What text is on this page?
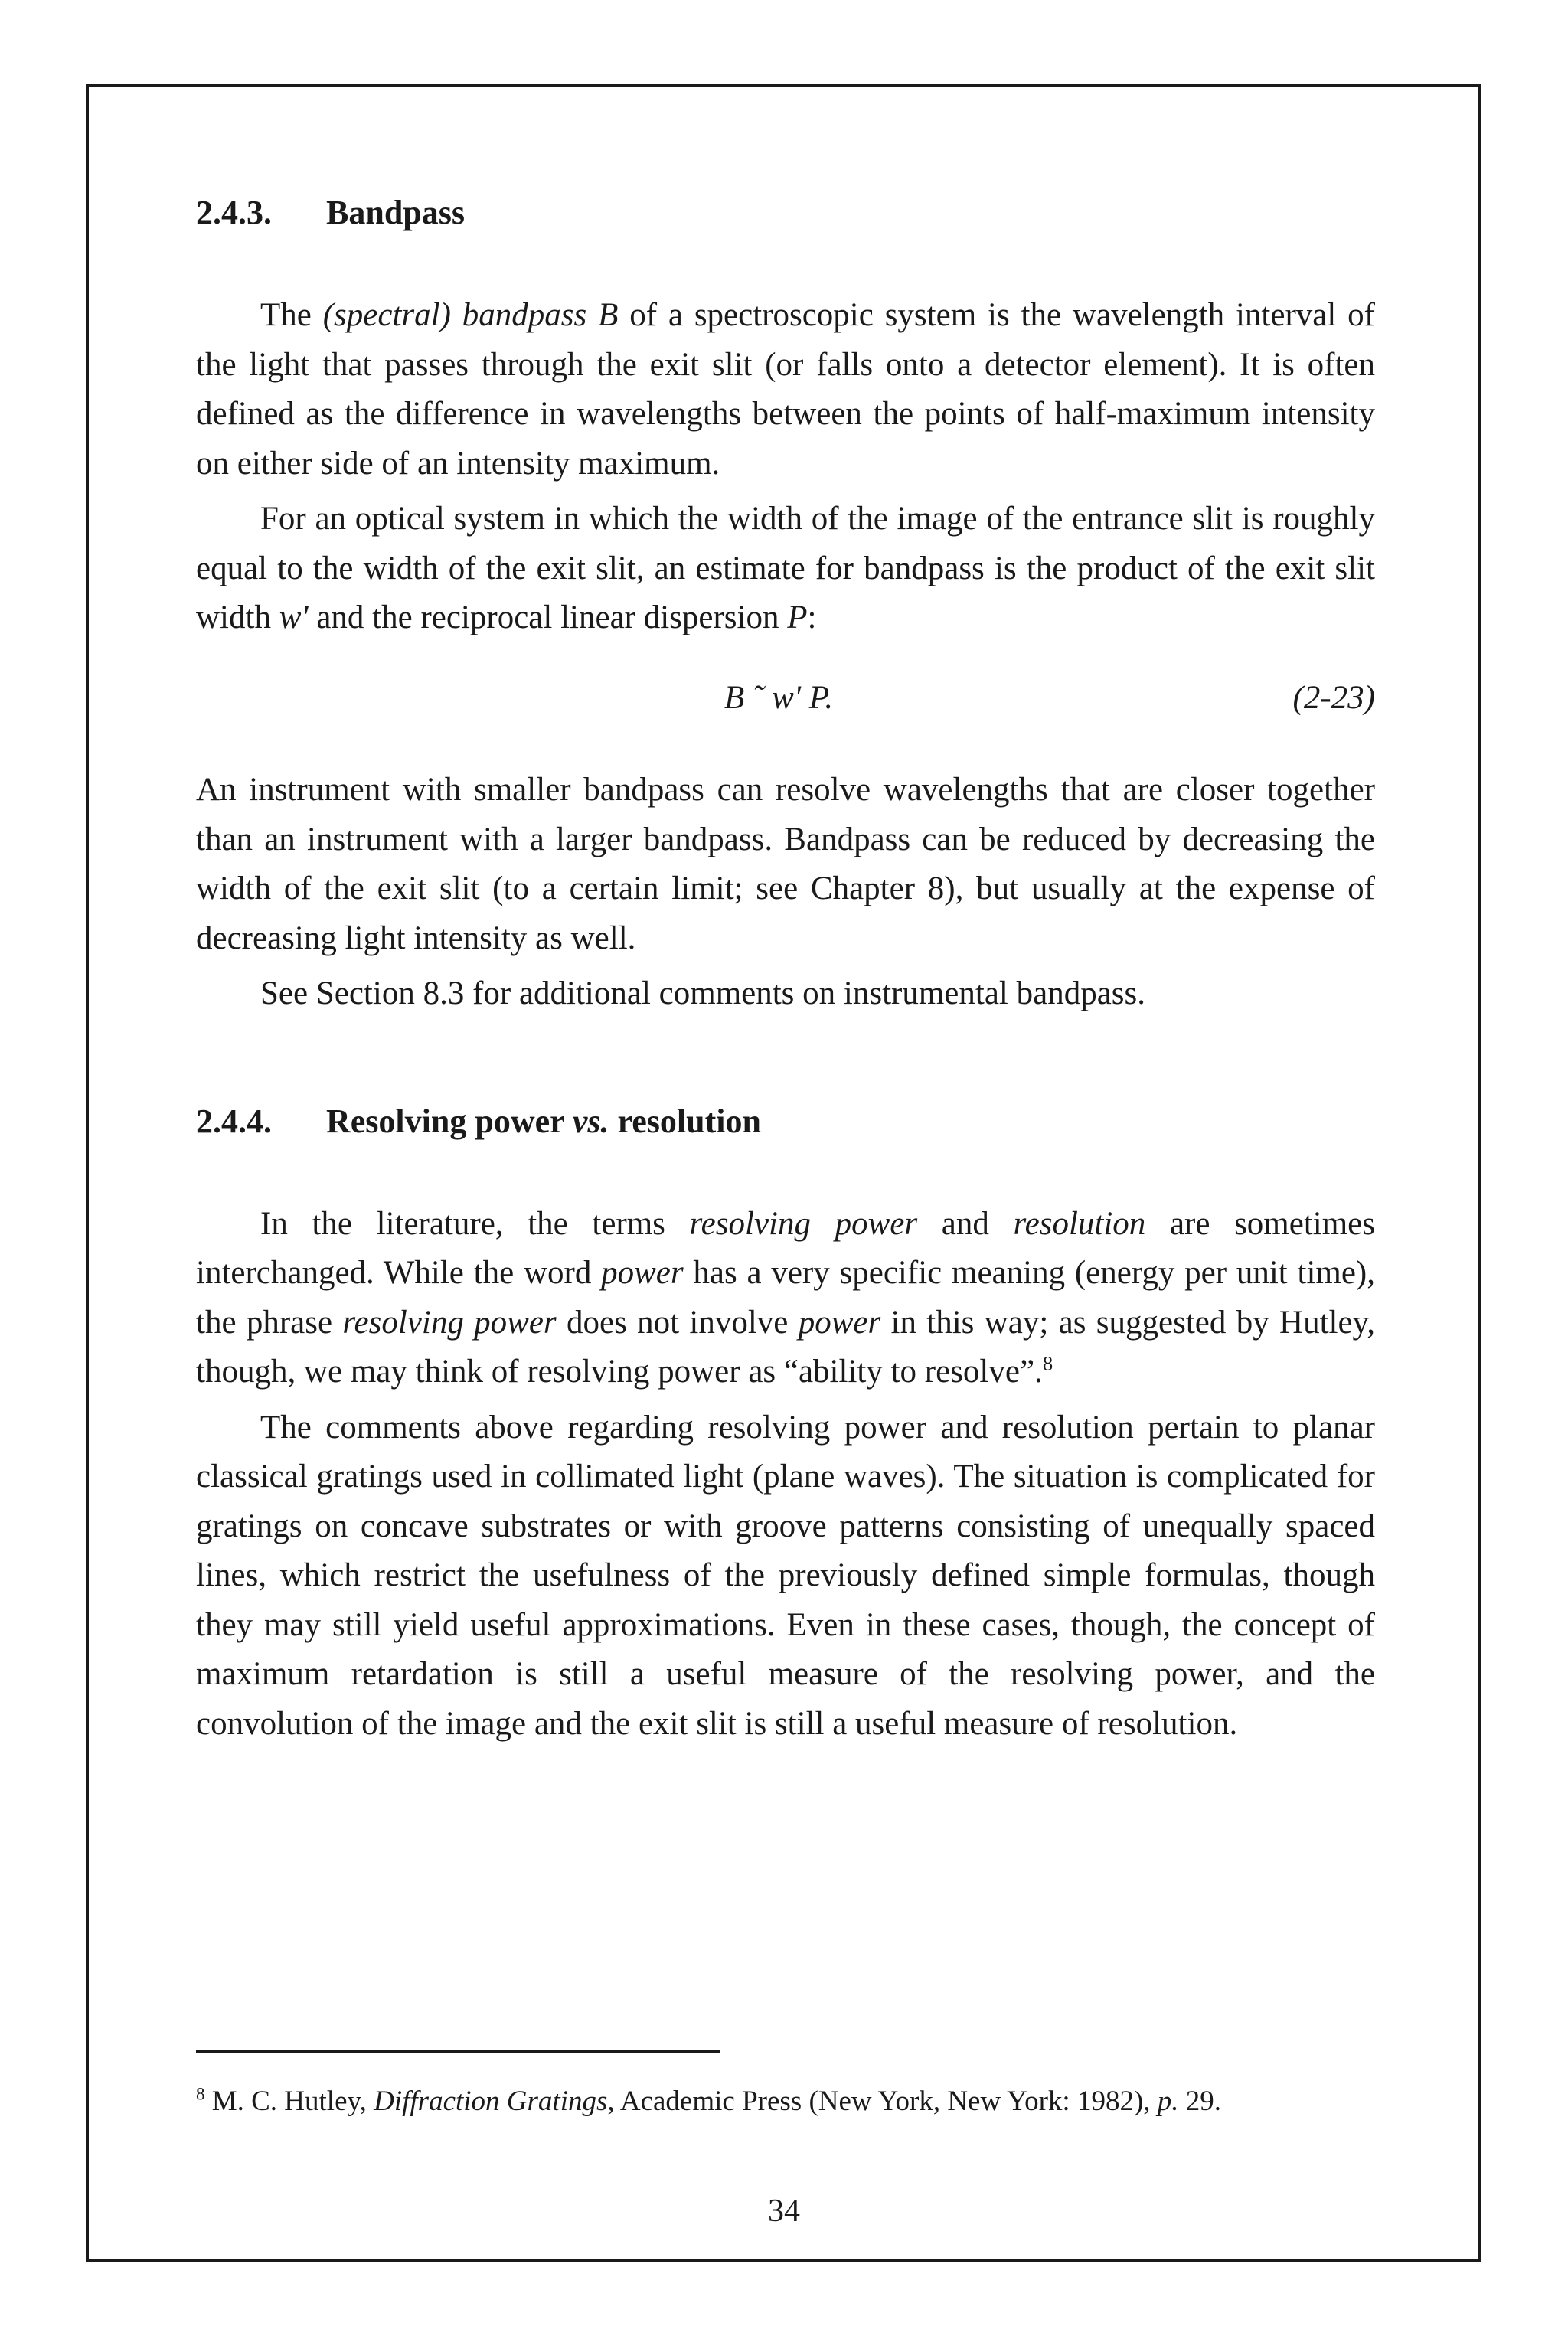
2.4.3. Bandpass

The (spectral) bandpass B of a spectroscopic system is the wavelength interval of the light that passes through the exit slit (or falls onto a detector element). It is often defined as the difference in wavelengths between the points of half-maximum intensity on either side of an intensity maximum.

For an optical system in which the width of the image of the entrance slit is roughly equal to the width of the exit slit, an estimate for bandpass is the product of the exit slit width w' and the reciprocal linear dispersion P:

B ˜ w' P.	(2-23)

An instrument with smaller bandpass can resolve wavelengths that are closer together than an instrument with a larger bandpass. Bandpass can be reduced by decreasing the width of the exit slit (to a certain limit; see Chapter 8), but usually at the expense of decreasing light intensity as well.

See Section 8.3 for additional comments on instrumental bandpass.

2.4.4. Resolving power vs. resolution

In the literature, the terms resolving power and resolution are sometimes interchanged. While the word power has a very specific meaning (energy per unit time), the phrase resolving power does not involve power in this way; as suggested by Hutley, though, we may think of resolving power as “ability to resolve”.$^8$

The comments above regarding resolving power and resolution pertain to planar classical gratings used in collimated light (plane waves). The situation is complicated for gratings on concave substrates or with groove patterns consisting of unequally spaced lines, which restrict the usefulness of the previously defined simple formulas, though they may still yield useful approximations. Even in these cases, though, the concept of maximum retardation is still a useful measure of the resolving power, and the convolution of the image and the exit slit is still a useful measure of resolution.

$^8$ M. C. Hutley, Diffraction Gratings, Academic Press (New York, New York: 1982), p. 29.
34
